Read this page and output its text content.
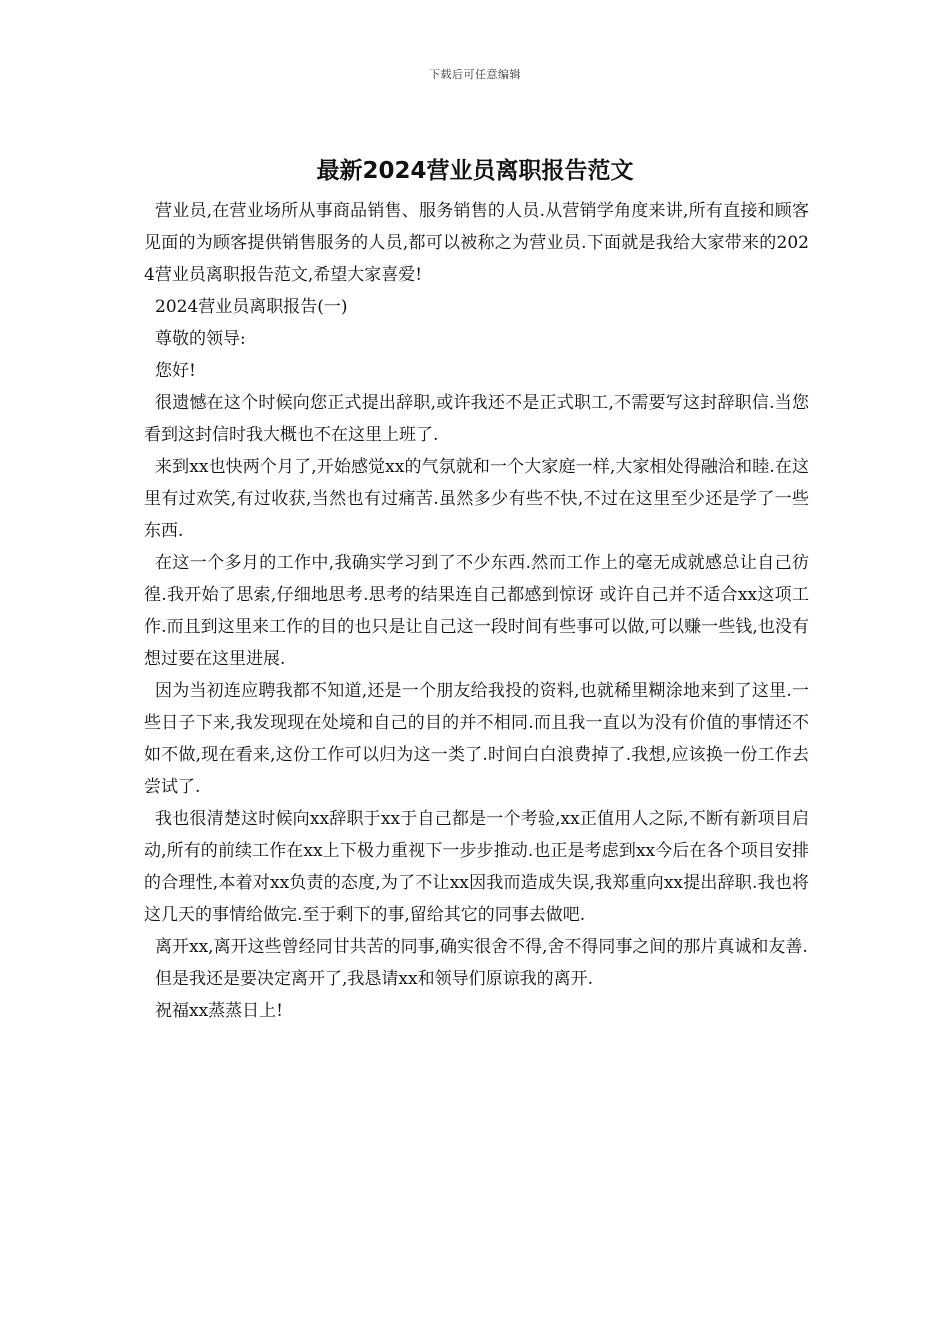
下载后可任意编辑
最新2024营业员离职报告范文

营业员,在营业场所从事商品销售、服务销售的人员.从营销学角度来讲,所有直接和顾客见面的为顾客提供销售服务的人员,都可以被称之为营业员.下面就是我给大家带来的2024营业员离职报告范文,希望大家喜爱!

2024营业员离职报告(一)

尊敬的领导:

您好!

很遗憾在这个时候向您正式提出辞职,或许我还不是正式职工,不需要写这封辞职信.当您看到这封信时我大概也不在这里上班了.

来到xx也快两个月了,开始感觉xx的气氛就和一个大家庭一样,大家相处得融洽和睦.在这里有过欢笑,有过收获,当然也有过痛苦.虽然多少有些不快,不过在这里至少还是学了一些东西.

在这一个多月的工作中,我确实学习到了不少东西.然而工作上的毫无成就感总让自己彷徨.我开始了思索,仔细地思考.思考的结果连自己都感到惊讶 或许自己并不适合xx这项工作.而且到这里来工作的目的也只是让自己这一段时间有些事可以做,可以赚一些钱,也没有想过要在这里进展.

因为当初连应聘我都不知道,还是一个朋友给我投的资料,也就稀里糊涂地来到了这里.一些日子下来,我发现现在处境和自己的目的并不相同.而且我一直以为没有价值的事情还不如不做,现在看来,这份工作可以归为这一类了.时间白白浪费掉了.我想,应该换一份工作去尝试了.

我也很清楚这时候向xx辞职于xx于自己都是一个考验,xx正值用人之际,不断有新项目启动,所有的前续工作在xx上下极力重视下一步步推动.也正是考虑到xx今后在各个项目安排的合理性,本着对xx负责的态度,为了不让xx因我而造成失误,我郑重向xx提出辞职.我也将这几天的事情给做完.至于剩下的事,留给其它的同事去做吧.

离开xx,离开这些曾经同甘共苦的同事,确实很舍不得,舍不得同事之间的那片真诚和友善.

但是我还是要决定离开了,我恳请xx和领导们原谅我的离开.

祝福xx蒸蒸日上!
